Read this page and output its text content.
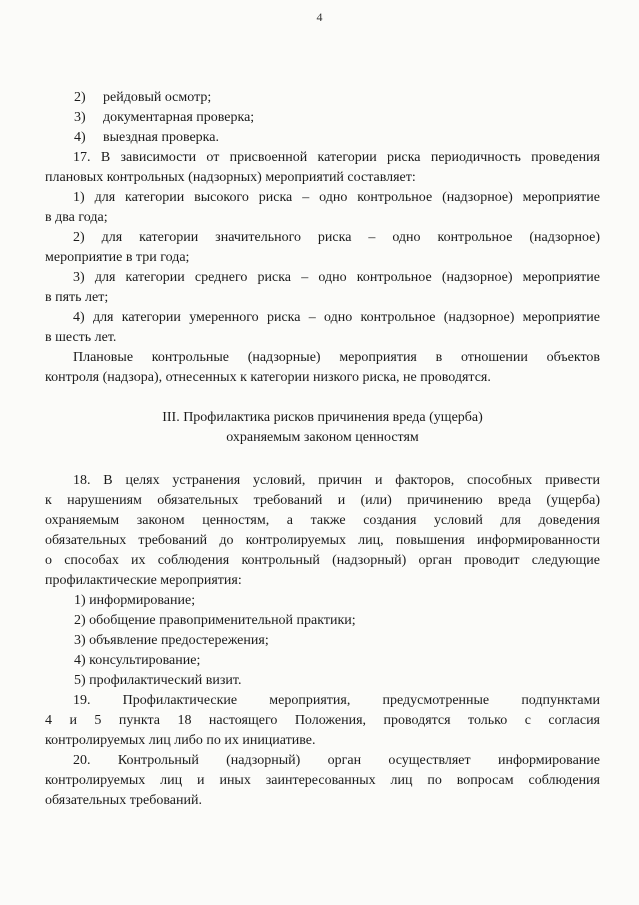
4

2)	рейдовый осмотр;

3)	документарная проверка;

4)	выездная проверка.

17. В зависимости от присвоенной категории риска периодичность проведения

плановых контрольных (надзорных) мероприятий составляет:

1) для категории высокого риска – одно контрольное (надзорное) мероприятие

в два года;

2) для категории значительного риска – одно контрольное (надзорное)

мероприятие в три года;

3) для категории среднего риска – одно контрольное (надзорное) мероприятие

в пять лет;

4) для категории умеренного риска – одно контрольное (надзорное) мероприятие

в шесть лет.

Плановые контрольные (надзорные) мероприятия в отношении объектов

контроля (надзора), отнесенных к категории низкого риска, не проводятся.

III. Профилактика рисков причинения вреда (ущерба)

охраняемым законом ценностям

18. В целях устранения условий, причин и факторов, способных привести

к нарушениям обязательных требований и (или) причинению вреда (ущерба)

охраняемым законом ценностям, а также создания условий для доведения

обязательных требований до контролируемых лиц, повышения информированности

о способах их соблюдения контрольный (надзорный) орган проводит следующие

профилактические мероприятия:

1) информирование;

2) обобщение правоприменительной практики;

3) объявление предостережения;

4) консультирование;

5) профилактический визит.

19. Профилактические мероприятия, предусмотренные подпунктами

4 и 5 пункта 18 настоящего Положения, проводятся только с согласия

контролируемых лиц либо по их инициативе.

20. Контрольный (надзорный) орган осуществляет информирование

контролируемых лиц и иных заинтересованных лиц по вопросам соблюдения

обязательных требований.
